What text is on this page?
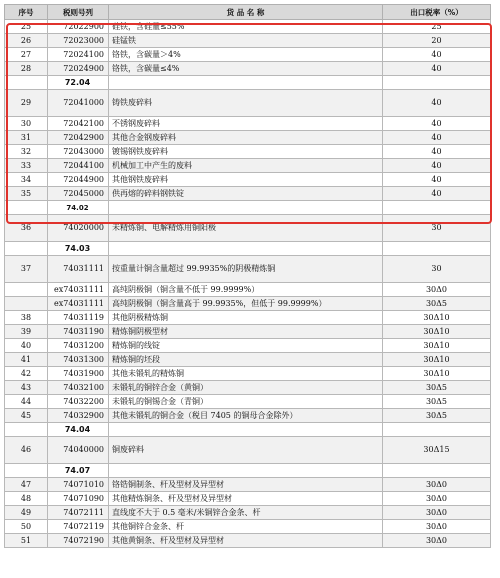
序号	税则号列	货 品 名 称	出口税率（%）
25	72022900	硅铁，含硅量≤55%	25
26	72023000	硅锰铁	20
27	72024100	铬铁，含碳量＞4%	40
28	72024900	铬铁，含碳量≤4%	40
	72.04		
29	72041000	铸铁废碎料	40
30	72042100	不锈钢废碎料	40
31	72042900	其他合金钢废碎料	40
32	72043000	镀锡钢铁废碎料	40
33	72044100	机械加工中产生的废料	40
34	72044900	其他钢铁废碎料	40
35	72045000	供再熔的碎料钢铁锭	40
	74.02		
36	74020000	未精炼铜、电解精炼用铜阳极	30
	74.03		
37	74031111	按重量计铜含量超过 99.9935%的阴极精炼铜	30
	ex74031111	高纯阴极铜（铜含量不低于 99.9999%）	30Δ0
	ex74031111	高纯阴极铜（铜含量高于 99.9935%，但低于 99.9999%）	30Δ5
38	74031119	其他阴极精炼铜	30Δ10
39	74031190	精炼铜阴极型材	30Δ10
40	74031200	精炼铜的线锭	30Δ10
41	74031300	精炼铜的坯段	30Δ10
42	74031900	其他未锻轧的精炼铜	30Δ10
43	74032100	未锻轧的铜锌合金（黄铜）	30Δ5
44	74032200	未锻轧的铜锡合金（青铜）	30Δ5
45	74032900	其他未锻轧的铜合金（税目 7405 的铜母合金除外）	30Δ5
	74.04		
46	74040000	铜废碎料	30Δ15
	74.07		
47	74071010	铬锆铜制条、杆及型材及异型材	30Δ0
48	74071090	其他精炼铜条、杆及型材及异型材	30Δ0
49	74072111	直线度不大于 0.5 毫米/米铜锌合金条、杆	30Δ0
50	74072119	其他铜锌合金条、杆	30Δ0
51	74072190	其他黄铜条、杆及型材及异型材	30Δ0
